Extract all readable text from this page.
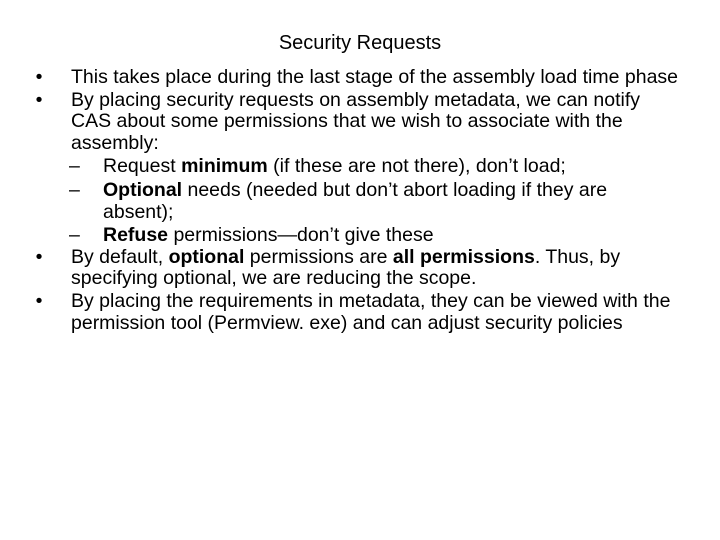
Security Requests
• This takes place during the last stage of the assembly load time phase
• By placing security requests on assembly metadata, we can notify CAS about some permissions that we wish to associate with the assembly:
– Request minimum (if these are not there), don’t load;
– Optional needs (needed but don’t abort loading if they are absent);
– Refuse permissions—don’t give these
• By default, optional permissions are all permissions. Thus, by specifying optional, we are reducing the scope.
• By placing the requirements in metadata, they can be viewed with the permission tool (Permview. exe) and can adjust security policies
